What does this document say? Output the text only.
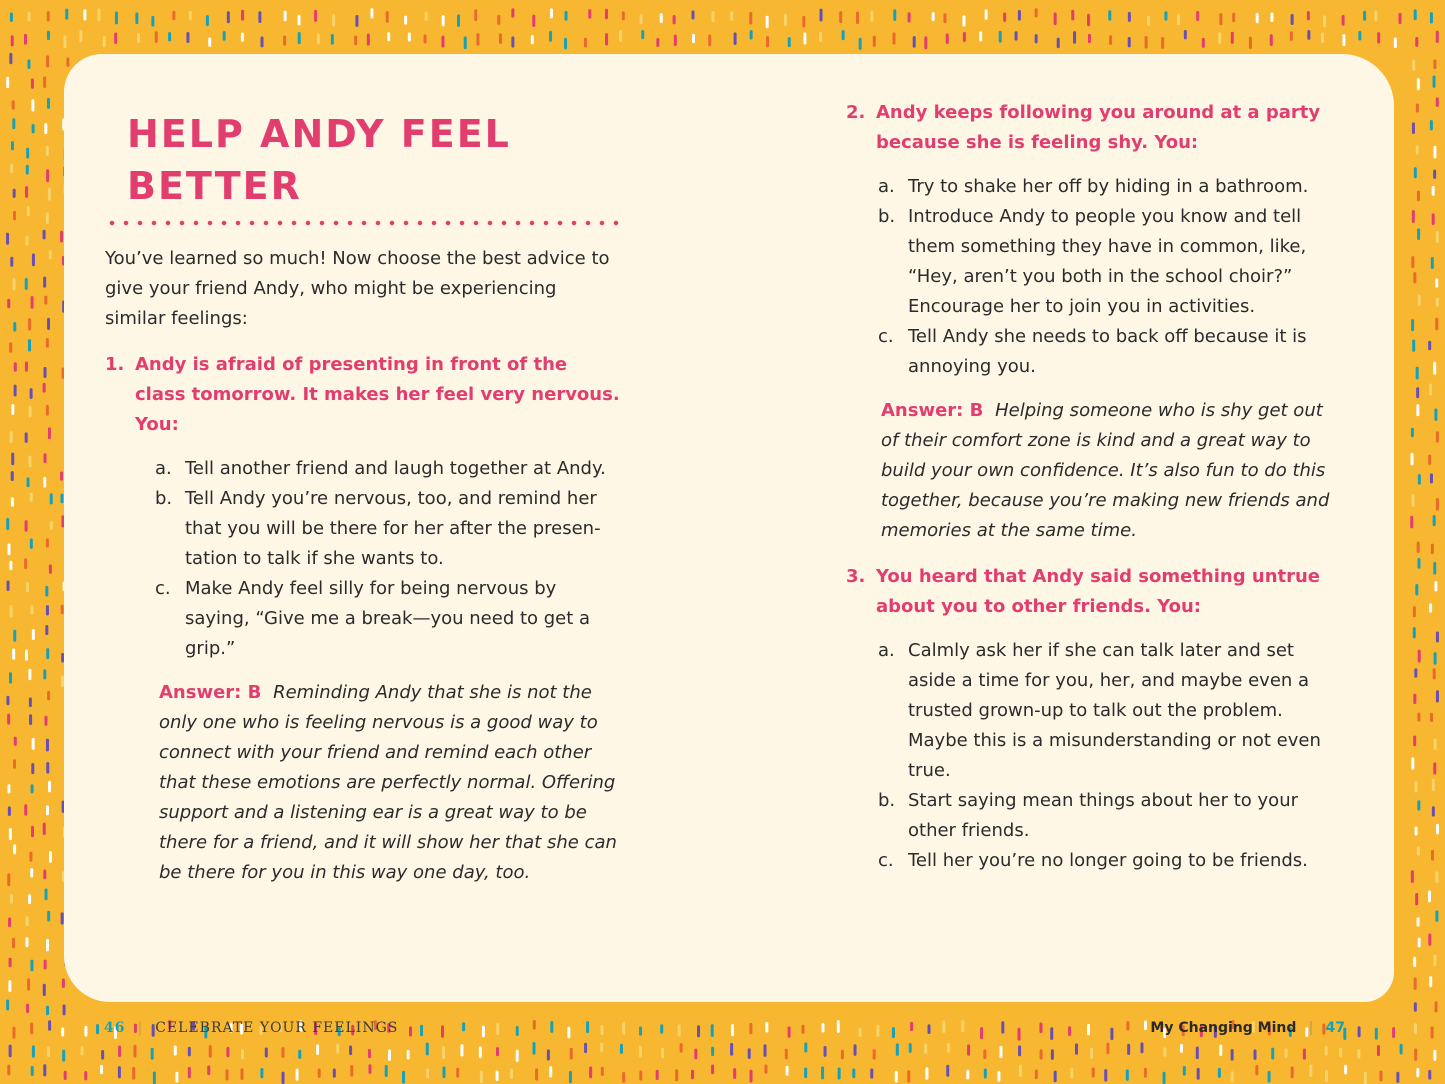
HELP ANDY FEEL BETTER

You’ve learned so much! Now choose the best advice to give your friend Andy, who might be experiencing similar feelings:

1. Andy is afraid of presenting in front of the class tomorrow. It makes her feel very nervous. You:
a. Tell another friend and laugh together at Andy.
b. Tell Andy you’re nervous, too, and remind her that you will be there for her after the presen-tation to talk if she wants to.
c. Make Andy feel silly for being nervous by saying, “Give me a break—you need to get a grip.”

Answer: B Reminding Andy that she is not the only one who is feeling nervous is a good way to connect with your friend and remind each other that these emotions are perfectly normal. Offering support and a listening ear is a great way to be there for a friend, and it will show her that she can be there for you in this way one day, too.

2. Andy keeps following you around at a party because she is feeling shy. You:
a. Try to shake her off by hiding in a bathroom.
b. Introduce Andy to people you know and tell them something they have in common, like, “Hey, aren’t you both in the school choir?” Encourage her to join you in activities.
c. Tell Andy she needs to back off because it is annoying you.

Answer: B Helping someone who is shy get out of their comfort zone is kind and a great way to build your own confidence. It’s also fun to do this together, because you’re making new friends and memories at the same time.

3. You heard that Andy said something untrue about you to other friends. You:
a. Calmly ask her if she can talk later and set aside a time for you, her, and maybe even a trusted grown-up to talk out the problem. Maybe this is a misunderstanding or not even true.
b. Start saying mean things about her to your other friends.
c. Tell her you’re no longer going to be friends.
46 | CELEBRATE YOUR FEELINGS	My Changing Mind | 47
